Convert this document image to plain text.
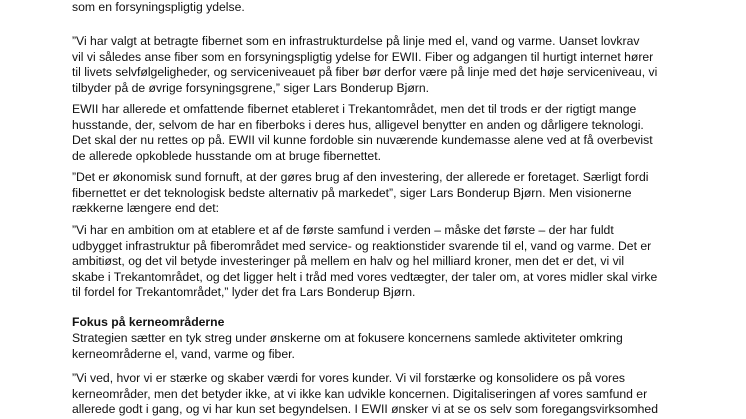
som en forsyningspligtig ydelse.

”Vi har valgt at betragte fibernet som en infrastrukturdelse på linje med el, vand og varme. Uanset lovkrav
vil vi således anse fiber som en forsyningspligtig ydelse for EWII. Fiber og adgangen til hurtigt internet hører
til livets selvfølgeligheder, og serviceniveauet på fiber bør derfor være på linje med det høje serviceniveau, vi
tilbyder på de øvrige forsyningsgrene,” siger Lars Bonderup Bjørn.

EWII har allerede et omfattende fibernet etableret i Trekantområdet, men det til trods er der rigtigt mange
husstande, der, selvom de har en fiberboks i deres hus, alligevel benytter en anden og dårligere teknologi.
Det skal der nu rettes op på. EWII vil kunne fordoble sin nuværende kundemasse alene ved at få overbevist
de allerede opkoblede husstande om at bruge fibernettet.

”Det er økonomisk sund fornuft, at der gøres brug af den investering, der allerede er foretaget. Særligt fordi
fibernettet er det teknologisk bedste alternativ på markedet”, siger Lars Bonderup Bjørn. Men visionerne
rækkerne længere end det:

”Vi har en ambition om at etablere et af de første samfund i verden – måske det første – der har fuldt
udbygget infrastruktur på fiberområdet med service- og reaktionstider svarende til el, vand og varme. Det er
ambitiøst, og det vil betyde investeringer på mellem en halv og hel milliard kroner, men det er det, vi vil
skabe i Trekantområdet, og det ligger helt i tråd med vores vedtægter, der taler om, at vores midler skal virke
til fordel for Trekantområdet,” lyder det fra Lars Bonderup Bjørn.

Fokus på kerneområderne

Strategien sætter en tyk streg under ønskerne om at fokusere koncernens samlede aktiviteter omkring
kerneområderne el, vand, varme og fiber.

”Vi ved, hvor vi er stærke og skaber værdi for vores kunder. Vi vil forstærke og konsolidere os på vores
kerneområder, men det betyder ikke, at vi ikke kan udvikle koncernen. Digitaliseringen af vores samfund er
allerede godt i gang, og vi har kun set begyndelsen. I EWII ønsker vi at se os selv som foregangsvirksomhed
